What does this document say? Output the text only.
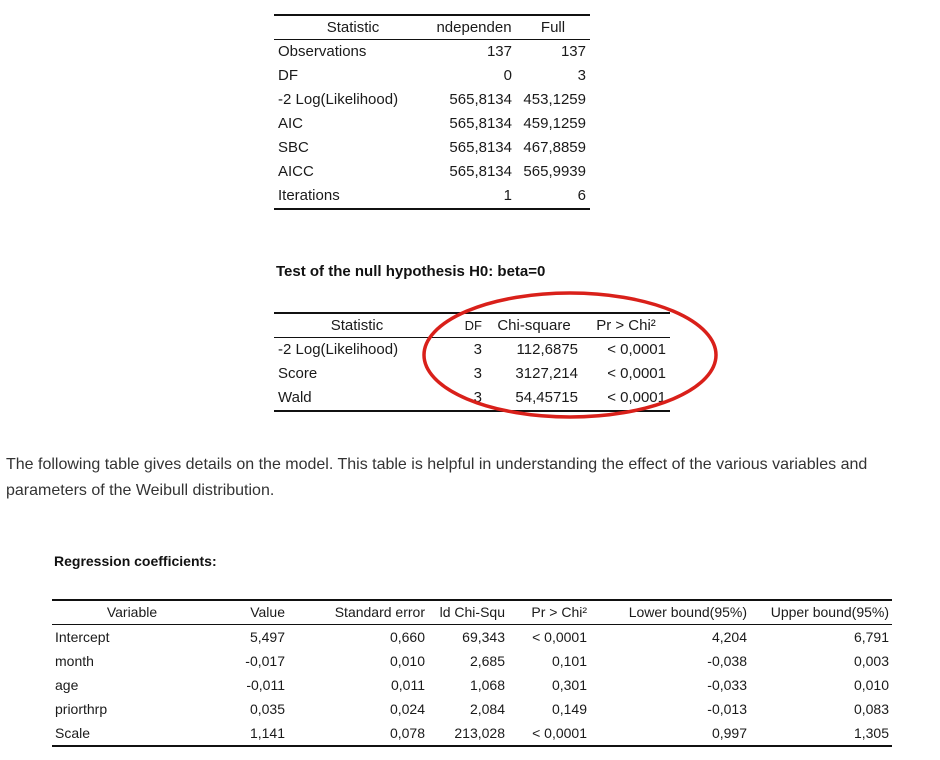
Statistic	ndependen	Full
Observations	137	137
DF	0	3
-2 Log(Likelihood)	565,8134	453,1259
AIC	565,8134	459,1259
SBC	565,8134	467,8859
AICC	565,8134	565,9939
Iterations	1	6

Test of the null hypothesis H0: beta=0

Statistic	DF	Chi-square	Pr > Chi²
-2 Log(Likelihood)	3	112,6875	< 0,0001
Score	3	3127,214	< 0,0001
Wald	3	54,45715	< 0,0001

The following table gives details on the model. This table is helpful in understanding the effect of the various variables and parameters of the Weibull distribution.

Regression coefficients:

Variable	Value	Standard error	ld Chi-Squ	Pr > Chi²	Lower bound(95%)	Upper bound(95%)
Intercept	5,497	0,660	69,343	< 0,0001	4,204	6,791
month	-0,017	0,010	2,685	0,101	-0,038	0,003
age	-0,011	0,011	1,068	0,301	-0,033	0,010
priorthrp	0,035	0,024	2,084	0,149	-0,013	0,083
Scale	1,141	0,078	213,028	< 0,0001	0,997	1,305
